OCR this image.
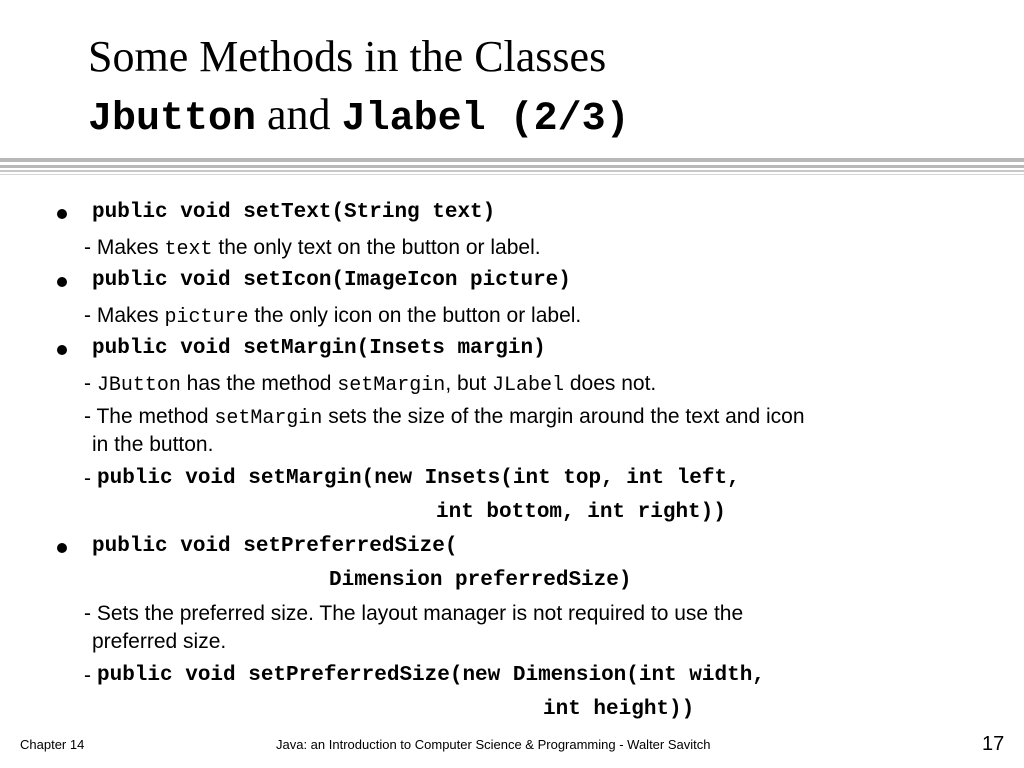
Some Methods in the Classes
Jbutton and Jlabel (2/3)
public void setText(String text)
- Makes text the only text on the button or label.
public void setIcon(ImageIcon picture)
- Makes picture the only icon on the button or label.
public void setMargin(Insets margin)
- JButton has the method setMargin, but JLabel does not.
- The method setMargin sets the size of the margin around the text and icon
in the button.
- public void setMargin(new Insets(int top, int left,
int bottom, int right))
public void setPreferredSize(
Dimension preferredSize)
- Sets the preferred size. The layout manager is not required to use the
preferred size.
- public void setPreferredSize(new Dimension(int width,
int height))
Chapter 14	Java: an Introduction to Computer Science & Programming - Walter Savitch	17
